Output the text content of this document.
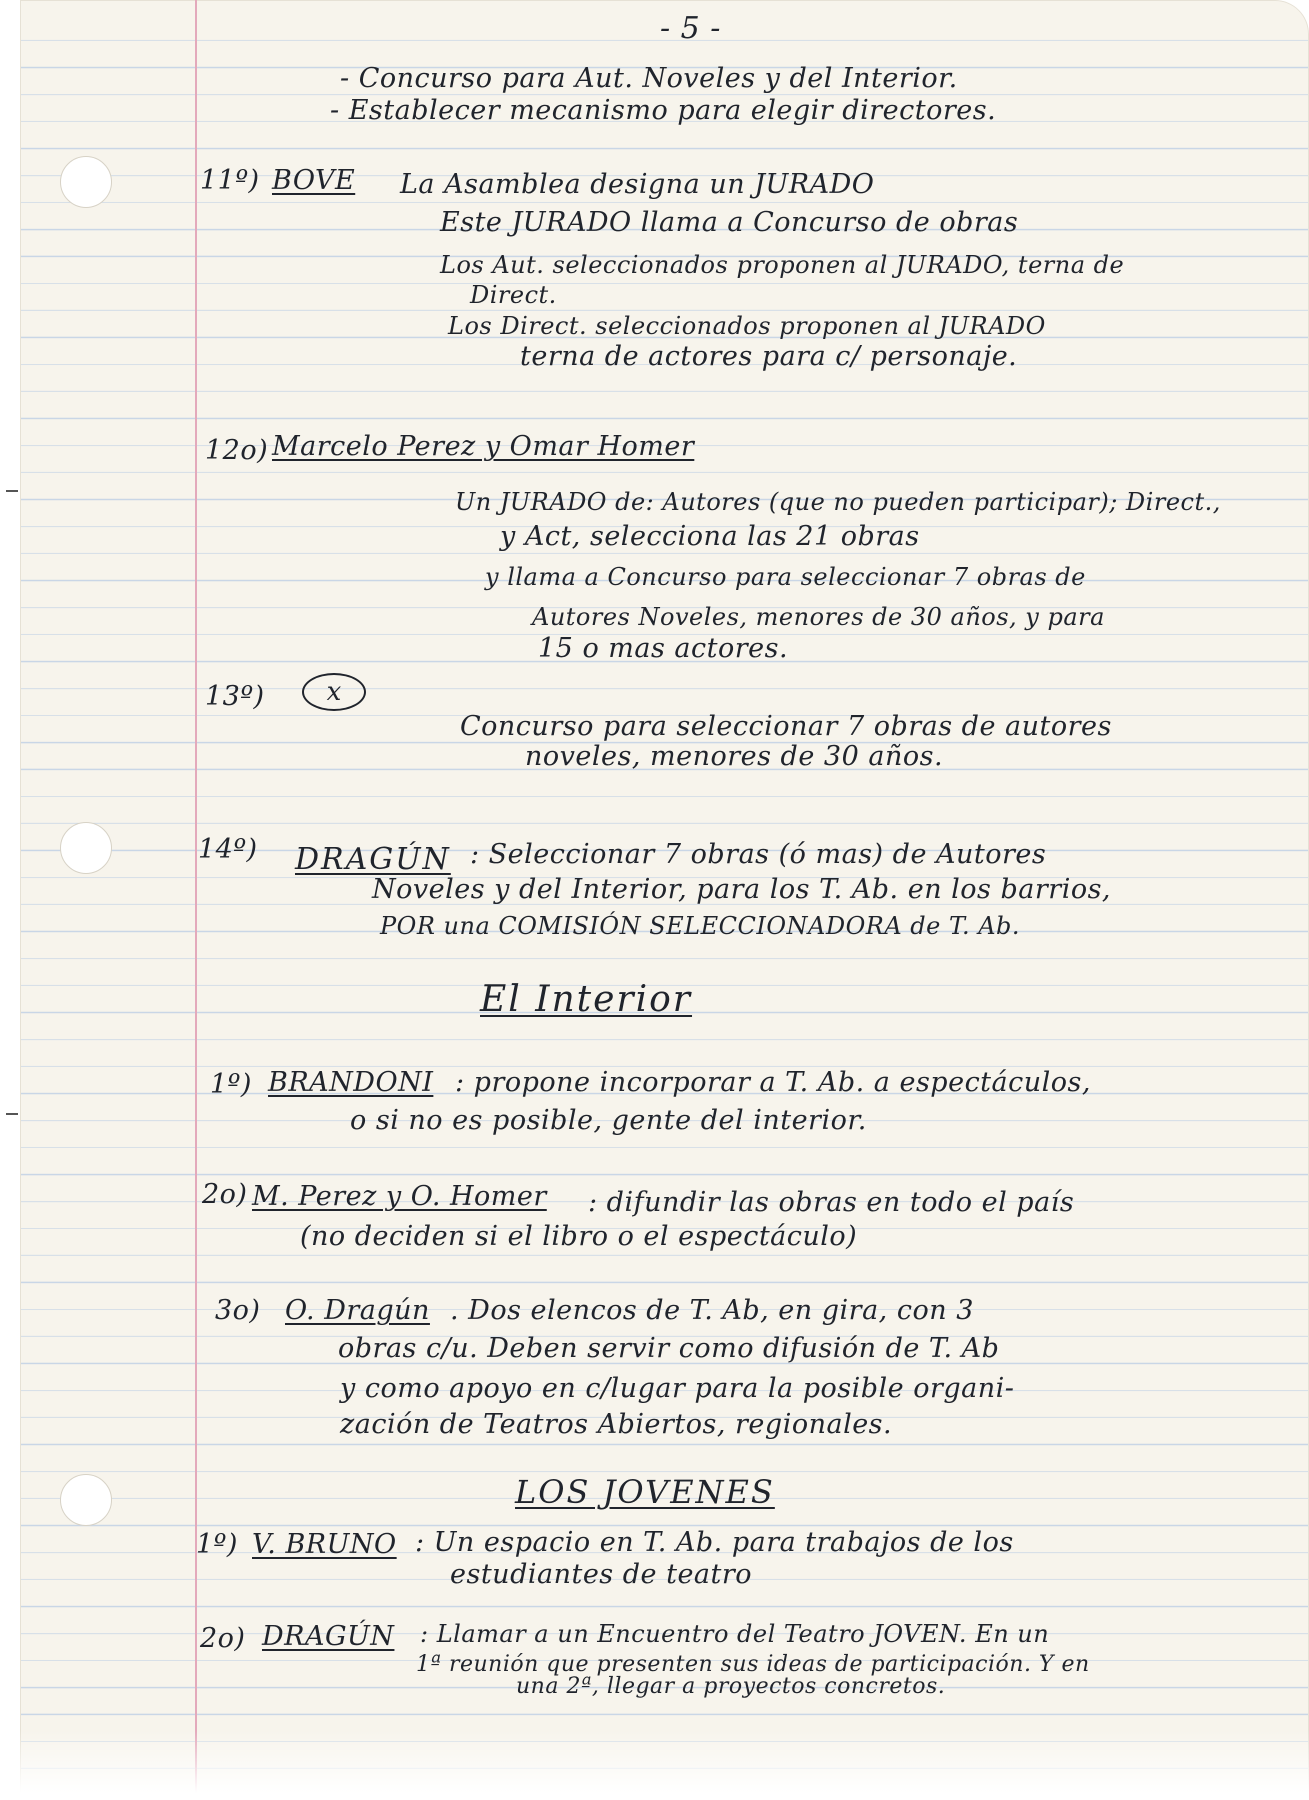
- 5 -
- Concurso para Aut. Noveles y del Interior.
- Establecer mecanismo para elegir directores.
11º) BOVE La Asamblea designa un JURADO
Este JURADO llama a Concurso de obras
Los Aut. seleccionados proponen al JURADO, terna de
Direct.
Los Direct. seleccionados proponen al JURADO
terna de actores para c/ personaje.
12o) Marcelo Perez y Omar Homer
Un JURADO de: Autores (que no pueden participar); Direct.,
y Act, selecciona las 21 obras
y llama a Concurso para seleccionar 7 obras de
Autores Noveles, menores de 30 años, y para
15 o mas actores.
13º)	x
Concurso para seleccionar 7 obras de autores
noveles, menores de 30 años.
14º) DRAGÚN : Seleccionar 7 obras (ó mas) de Autores
Noveles y del Interior, para los T. Ab. en los barrios,
POR una COMISIÓN SELECCIONADORA de T. Ab.
El Interior
1º) BRANDONI : propone incorporar a T. Ab. a espectáculos,
o si no es posible, gente del interior.
2o) M. Perez y O. Homer : difundir las obras en todo el país
(no deciden si el libro o el espectáculo)
3o) O. Dragún . Dos elencos de T. Ab, en gira, con 3
obras c/u. Deben servir como difusión de T. Ab
y como apoyo en c/lugar para la posible organi-
zación de Teatros Abiertos, regionales.
LOS JOVENES
1º) V. BRUNO : Un espacio en T. Ab. para trabajos de los
estudiantes de teatro
2o) DRAGÚN : Llamar a un Encuentro del Teatro JOVEN. En un
1ª reunión que presenten sus ideas de participación. Y en
una 2ª, llegar a proyectos concretos.
